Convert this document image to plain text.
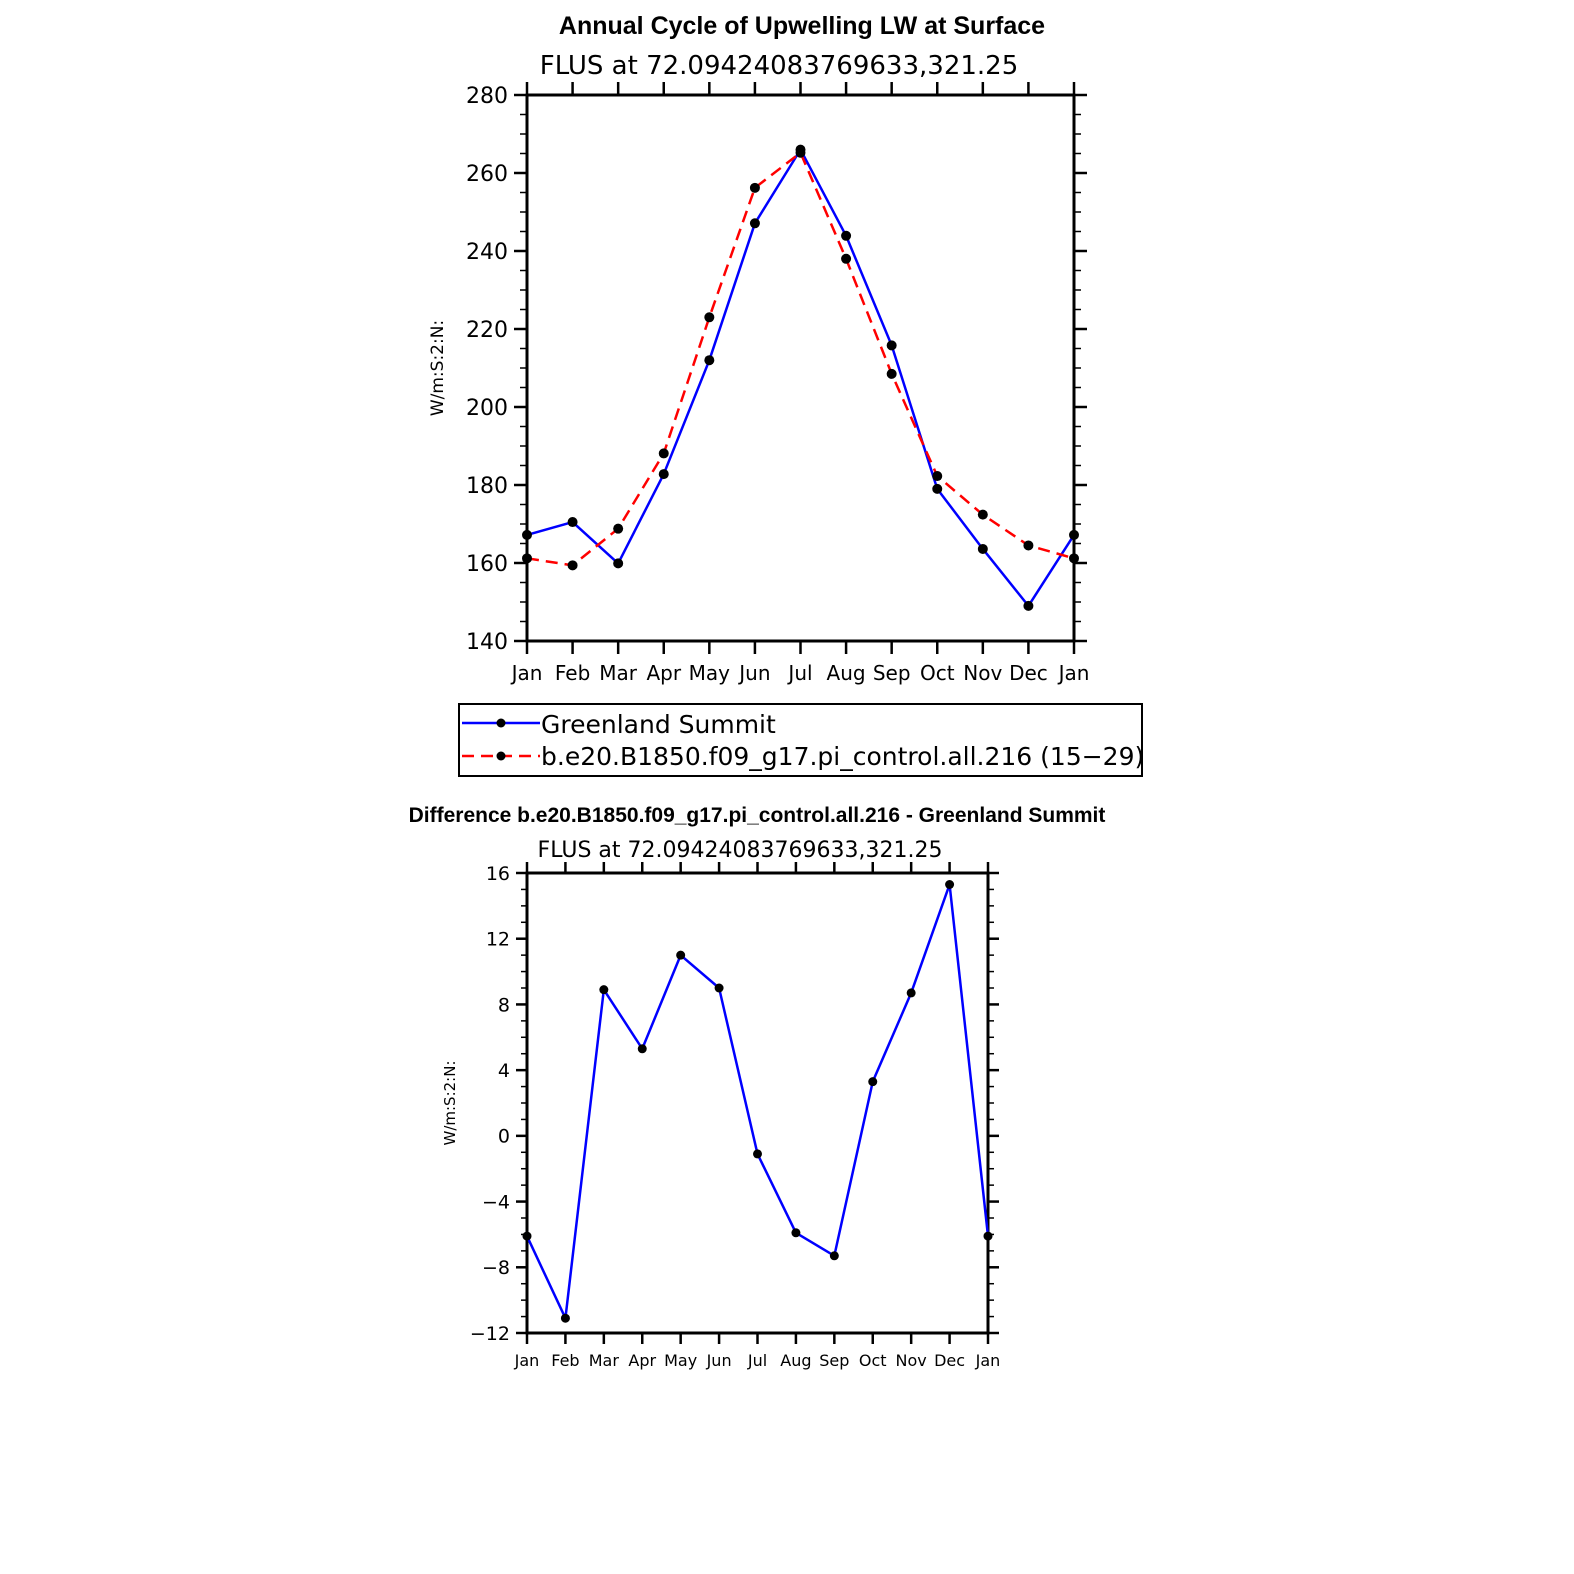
Annual Cycle of Upwelling LW at Surface
FLUS at 72.09424083769633,321.25
W/m:S:2:N:
140
160
180
200
220
240
260
280
Jan Feb Mar Apr May Jun Jul Aug Sep Oct Nov Dec Jan
Greenland Summit
b.e20.B1850.f09_g17.pi_control.all.216 (15−29)
Difference b.e20.B1850.f09_g17.pi_control.all.216 - Greenland Summit
FLUS at 72.09424083769633,321.25
W/m:S:2:N:
−12
−8
−4
0
4
8
12
16
Jan Feb Mar Apr May Jun Jul Aug Sep Oct Nov Dec Jan
